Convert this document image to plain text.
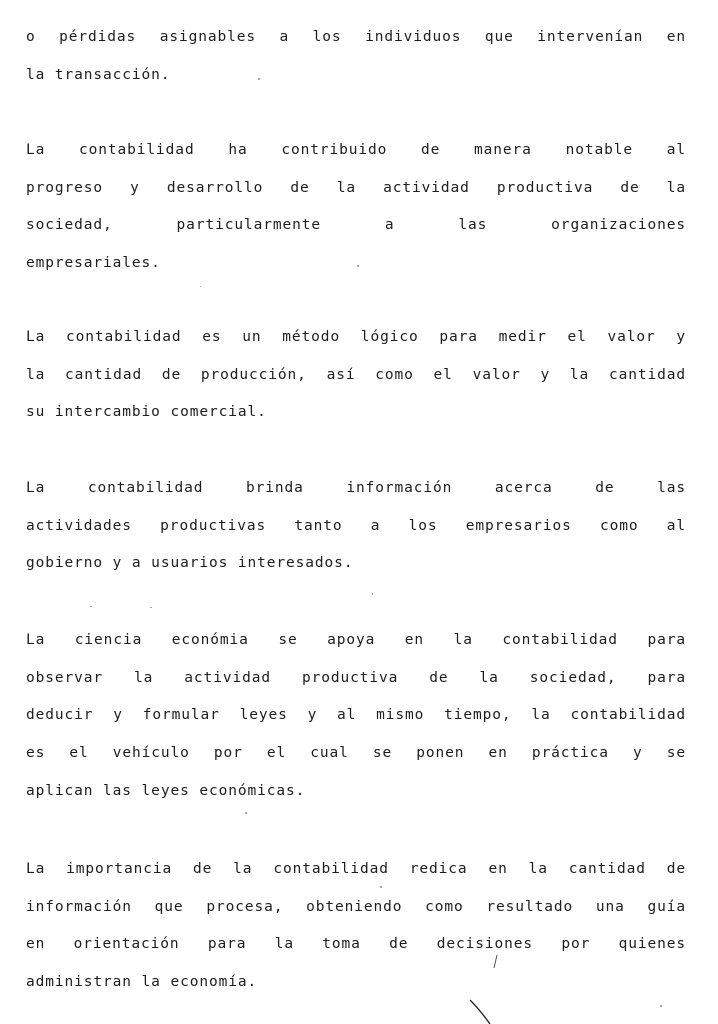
o pérdidas asignables a los individuos que intervenían en
la transacción.

La contabilidad ha contribuido de manera notable al
progreso y desarrollo de la actividad productiva de la
sociedad, particularmente a las organizaciones
empresariales.

La contabilidad es un método lógico para medir el valor y
la cantidad de producción, así como el valor y la cantidad
su intercambio comercial.

La contabilidad brinda información acerca de las
actividades productivas tanto a los empresarios como al
gobierno y a usuarios interesados.

La ciencia económia se apoya en la contabilidad para
observar la actividad productiva de la sociedad, para
deducir y formular leyes y al mismo tiempo, la contabilidad
es el vehículo por el cual se ponen en práctica y se
aplican las leyes económicas.

La importancia de la contabilidad redica en la cantidad de
información que procesa, obteniendo como resultado una guía
en orientación para la toma de decisiones por quienes
administran la economía.
